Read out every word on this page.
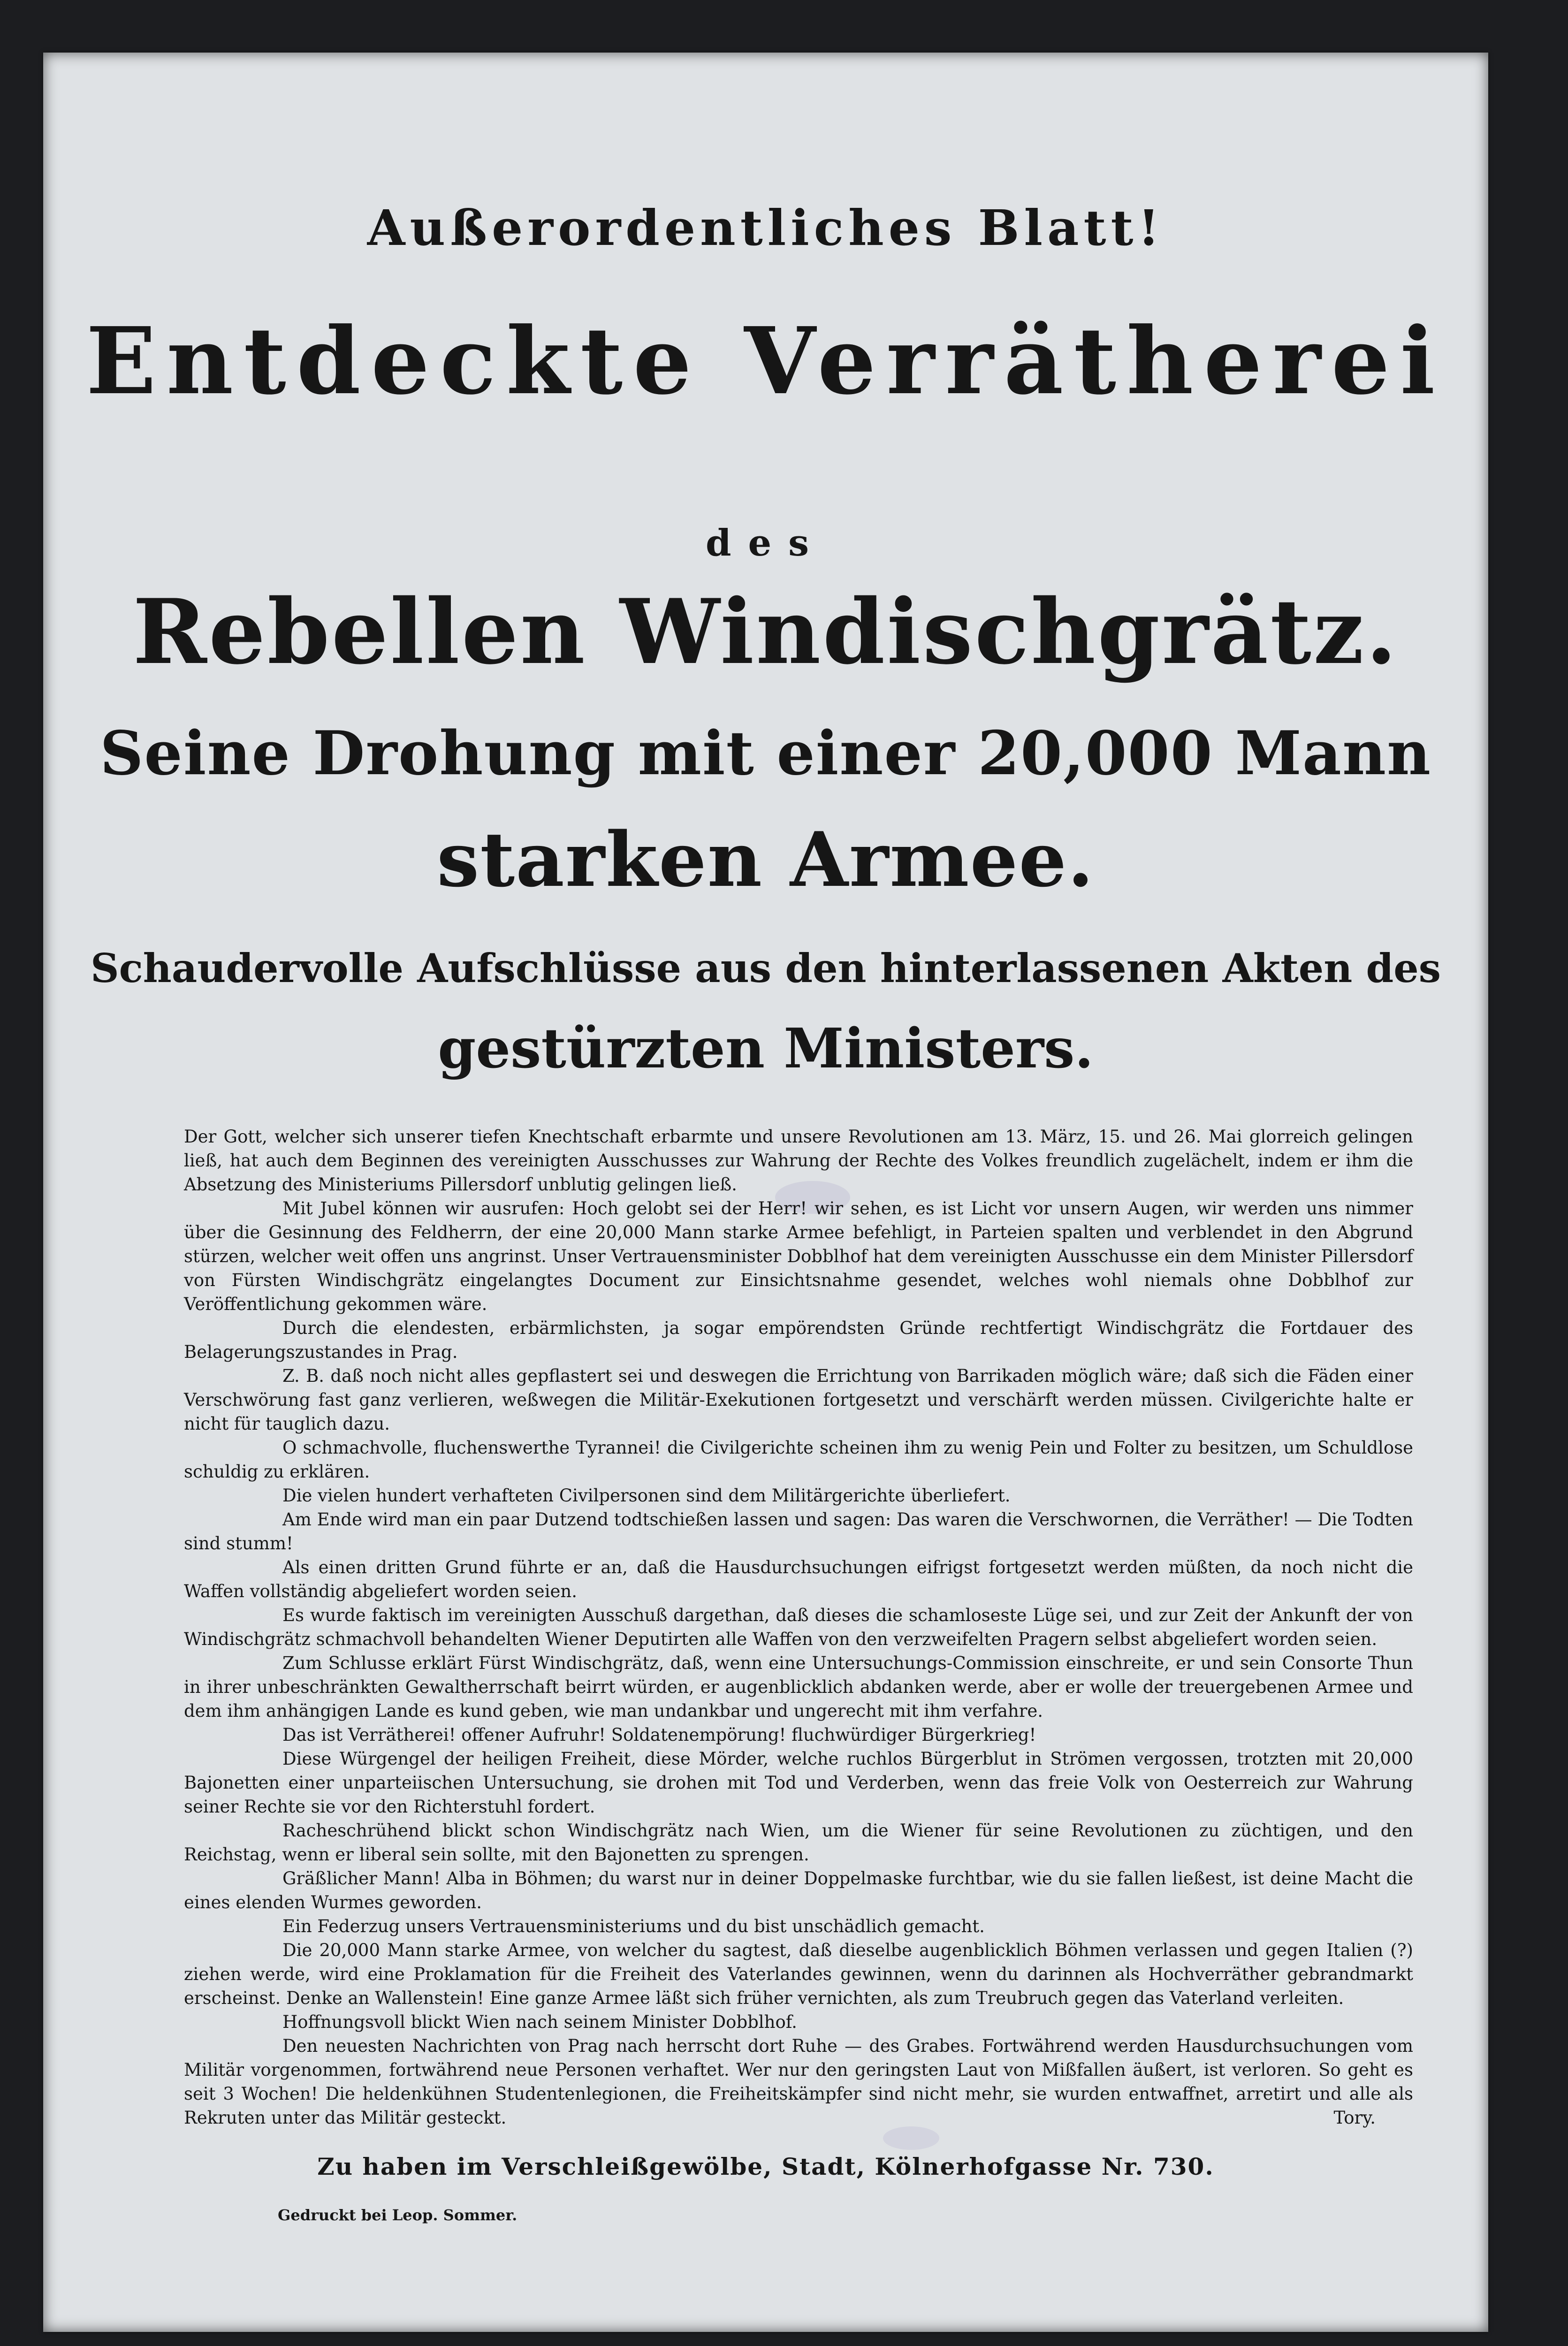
Außerordentliches Blatt!
Entdeckte Verrätherei
des
Rebellen Windischgrätz.
Seine Drohung mit einer 20,000 Mann
starken Armee.
Schaudervolle Aufschlüsse aus den hinterlassenen Akten des
gestürzten Ministers.

Der Gott, welcher sich unserer tiefen Knechtschaft erbarmte und unsere Revolutionen am 13. März, 15. und 26. Mai glorreich gelingen ließ, hat auch dem Beginnen des vereinigten Ausschusses zur Wahrung der Rechte des Volkes freundlich zugelächelt, indem er ihm die Absetzung des Ministeriums Pillersdorf unblutig gelingen ließ.

Mit Jubel können wir ausrufen: Hoch gelobt sei der Herr! wir sehen, es ist Licht vor unsern Augen, wir werden uns nimmer über die Gesinnung des Feldherrn, der eine 20,000 Mann starke Armee befehligt, in Parteien spalten und verblendet in den Abgrund stürzen, welcher weit offen uns angrinst. Unser Vertrauensminister Dobblhof hat dem vereinigten Ausschusse ein dem Minister Pillersdorf von Fürsten Windischgrätz eingelangtes Document zur Einsichtsnahme gesendet, welches wohl niemals ohne Dobblhof zur Veröffentlichung gekommen wäre.

Durch die elendesten, erbärmlichsten, ja sogar empörendsten Gründe rechtfertigt Windischgrätz die Fortdauer des Belagerungszustandes in Prag.

Z. B. daß noch nicht alles gepflastert sei und deswegen die Errichtung von Barrikaden möglich wäre; daß sich die Fäden einer Verschwörung fast ganz verlieren, weßwegen die Militär-Exekutionen fortgesetzt und verschärft werden müssen. Civilgerichte halte er nicht für tauglich dazu.

O schmachvolle, fluchenswerthe Tyrannei! die Civilgerichte scheinen ihm zu wenig Pein und Folter zu besitzen, um Schuldlose schuldig zu erklären.

Die vielen hundert verhafteten Civilpersonen sind dem Militärgerichte überliefert.

Am Ende wird man ein paar Dutzend todtschießen lassen und sagen: Das waren die Verschwornen, die Verräther! — Die Todten sind stumm!

Als einen dritten Grund führte er an, daß die Hausdurchsuchungen eifrigst fortgesetzt werden müßten, da noch nicht die Waffen vollständig abgeliefert worden seien.

Es wurde faktisch im vereinigten Ausschuß dargethan, daß dieses die schamloseste Lüge sei, und zur Zeit der Ankunft der von Windischgrätz schmachvoll behandelten Wiener Deputirten alle Waffen von den verzweifelten Pragern selbst abgeliefert worden seien.

Zum Schlusse erklärt Fürst Windischgrätz, daß, wenn eine Untersuchungs-Commission einschreite, er und sein Consorte Thun in ihrer unbeschränkten Gewaltherrschaft beirrt würden, er augenblicklich abdanken werde, aber er wolle der treuergebenen Armee und dem ihm anhängigen Lande es kund geben, wie man undankbar und ungerecht mit ihm verfahre.

Das ist Verrätherei! offener Aufruhr! Soldatenempörung! fluchwürdiger Bürgerkrieg!

Diese Würgengel der heiligen Freiheit, diese Mörder, welche ruchlos Bürgerblut in Strömen vergossen, trotzten mit 20,000 Bajonetten einer unparteiischen Untersuchung, sie drohen mit Tod und Verderben, wenn das freie Volk von Oesterreich zur Wahrung seiner Rechte sie vor den Richterstuhl fordert.

Racheschrühend blickt schon Windischgrätz nach Wien, um die Wiener für seine Revolutionen zu züchtigen, und den Reichstag, wenn er liberal sein sollte, mit den Bajonetten zu sprengen.

Gräßlicher Mann! Alba in Böhmen; du warst nur in deiner Doppelmaske furchtbar, wie du sie fallen ließest, ist deine Macht die eines elenden Wurmes geworden.

Ein Federzug unsers Vertrauensministeriums und du bist unschädlich gemacht.

Die 20,000 Mann starke Armee, von welcher du sagtest, daß dieselbe augenblicklich Böhmen verlassen und gegen Italien (?) ziehen werde, wird eine Proklamation für die Freiheit des Vaterlandes gewinnen, wenn du darinnen als Hochverräther gebrandmarkt erscheinst. Denke an Wallenstein! Eine ganze Armee läßt sich früher vernichten, als zum Treubruch gegen das Vaterland verleiten.

Hoffnungsvoll blickt Wien nach seinem Minister Dobblhof.

Den neuesten Nachrichten von Prag nach herrscht dort Ruhe — des Grabes. Fortwährend werden Hausdurchsuchungen vom Militär vorgenommen, fortwährend neue Personen verhaftet. Wer nur den geringsten Laut von Mißfallen äußert, ist verloren. So geht es seit 3 Wochen! Die heldenkühnen Studentenlegionen, die Freiheitskämpfer sind nicht mehr, sie wurden entwaffnet, arretirt und alle als Rekruten unter das Militär gesteckt.	Tory.

Zu haben im Verschleißgewölbe, Stadt, Kölnerhofgasse Nr. 730.
Gedruckt bei Leop. Sommer.
